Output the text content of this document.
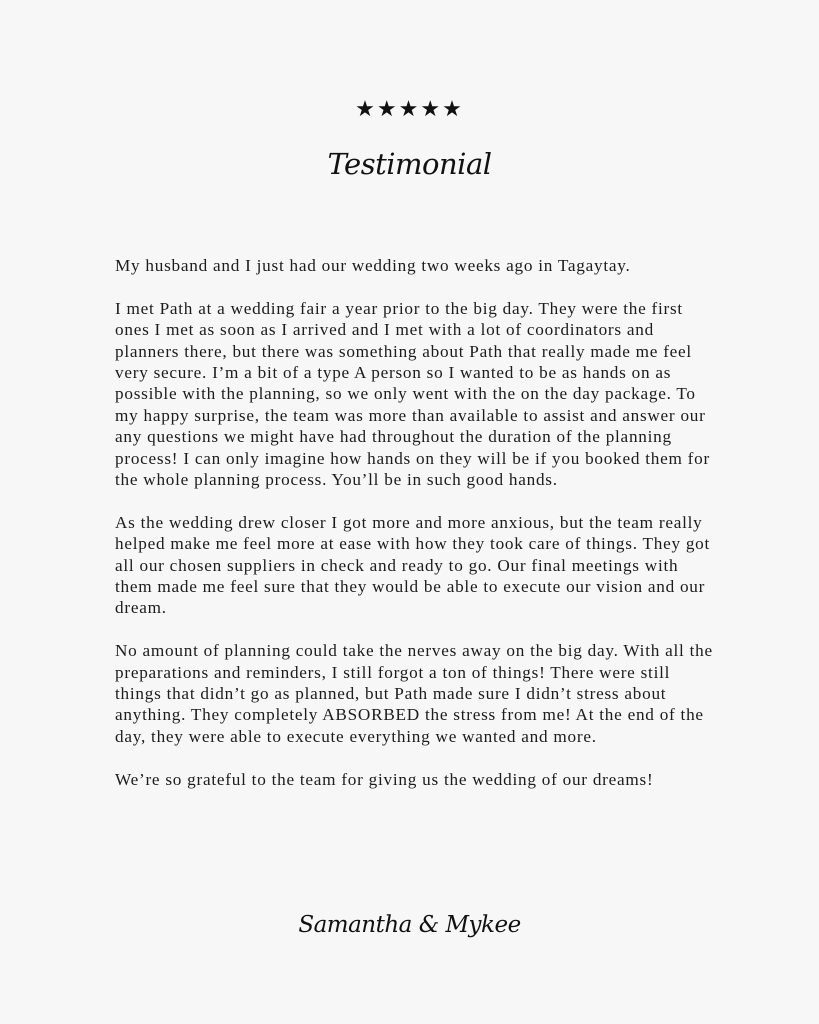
★★★★★
Testimonial

My husband and I just had our wedding two weeks ago in Tagaytay.

I met Path at a wedding fair a year prior to the big day. They were the first ones I met as soon as I arrived and I met with a lot of coordinators and planners there, but there was something about Path that really made me feel very secure. I’m a bit of a type A person so I wanted to be as hands on as possible with the planning, so we only went with the on the day package. To my happy surprise, the team was more than available to assist and answer our any questions we might have had throughout the duration of the planning process! I can only imagine how hands on they will be if you booked them for the whole planning process. You’ll be in such good hands.

As the wedding drew closer I got more and more anxious, but the team really helped make me feel more at ease with how they took care of things. They got all our chosen suppliers in check and ready to go. Our final meetings with them made me feel sure that they would be able to execute our vision and our dream.

No amount of planning could take the nerves away on the big day. With all the preparations and reminders, I still forgot a ton of things! There were still things that didn’t go as planned, but Path made sure I didn’t stress about anything. They completely ABSORBED the stress from me! At the end of the day, they were able to execute everything we wanted and more.

We’re so grateful to the team for giving us the wedding of our dreams!

Samantha & Mykee
